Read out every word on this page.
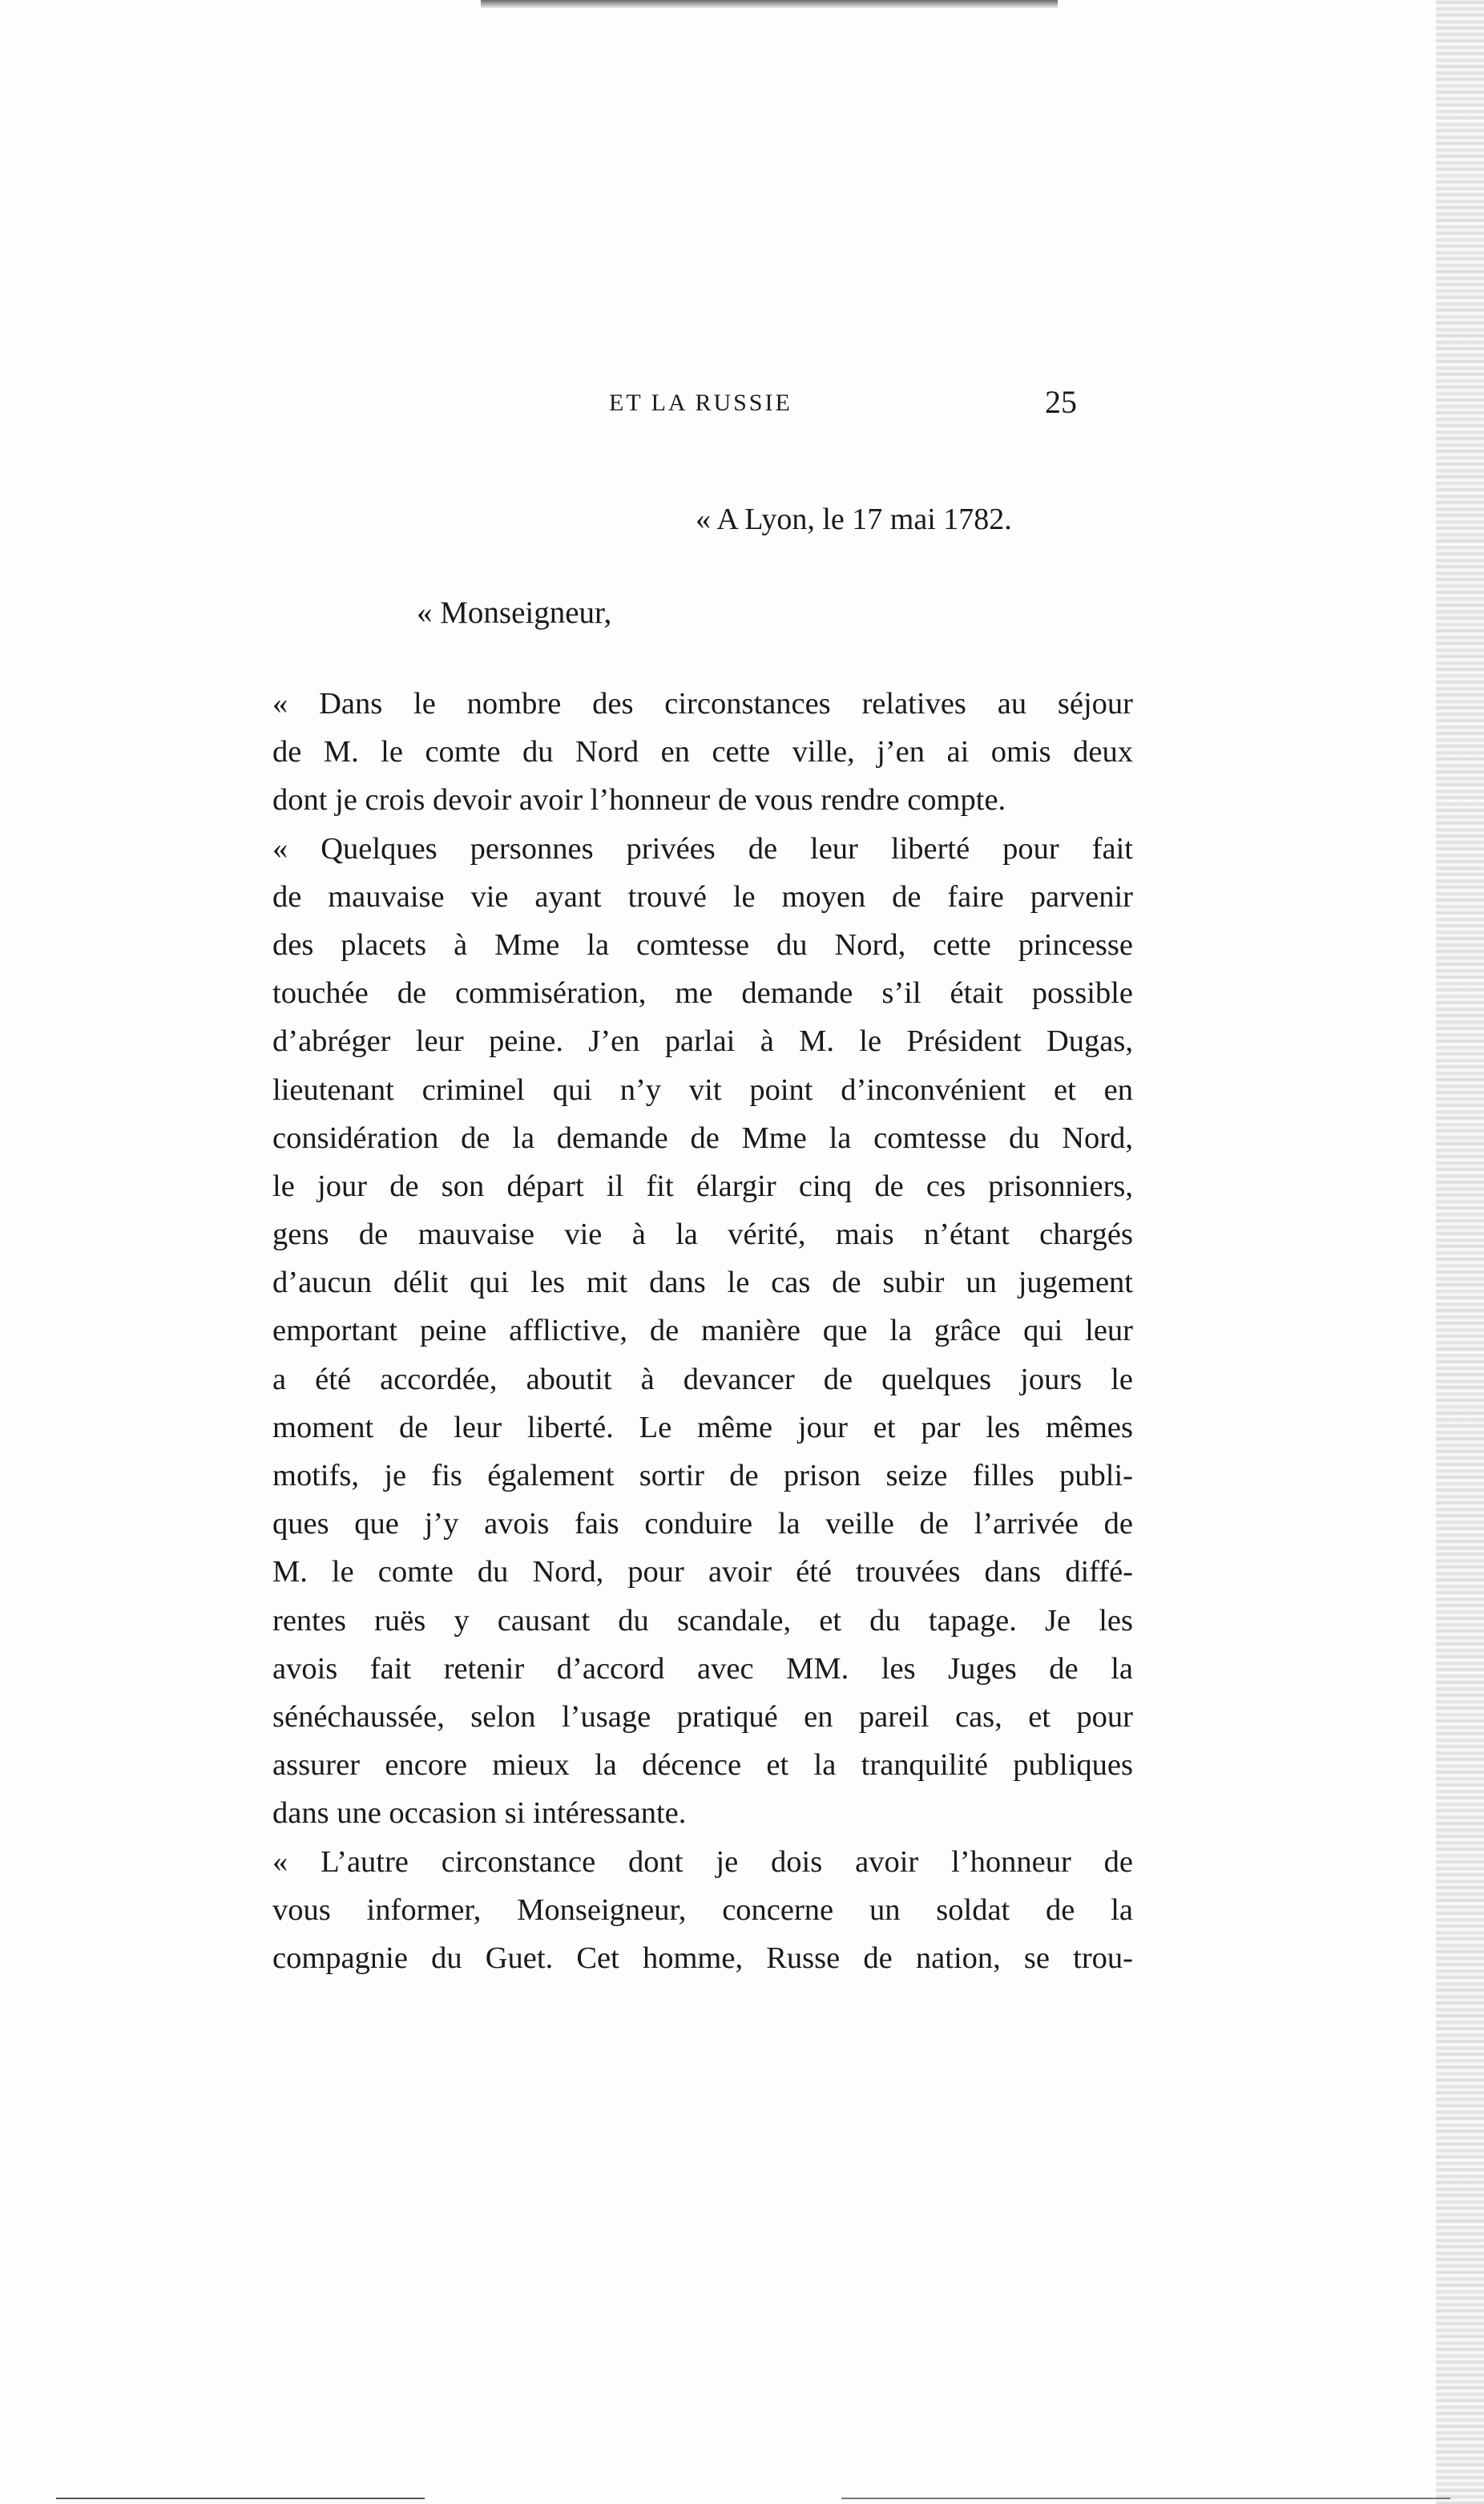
ET LA RUSSIE	25
« A Lyon, le 17 mai 1782.
« Monseigneur,
« Dans le nombre des circonstances relatives au séjour
de M. le comte du Nord en cette ville, j’en ai omis deux
dont je crois devoir avoir l’honneur de vous rendre compte.
« Quelques personnes privées de leur liberté pour fait
de mauvaise vie ayant trouvé le moyen de faire parvenir
des placets à Mme la comtesse du Nord, cette princesse
touchée de commisération, me demande s’il était possible
d’abréger leur peine. J’en parlai à M. le Président Dugas,
lieutenant criminel qui n’y vit point d’inconvénient et en
considération de la demande de Mme la comtesse du Nord,
le jour de son départ il fit élargir cinq de ces prisonniers,
gens de mauvaise vie à la vérité, mais n’étant chargés
d’aucun délit qui les mit dans le cas de subir un jugement
emportant peine afflictive, de manière que la grâce qui leur
a été accordée, aboutit à devancer de quelques jours le
moment de leur liberté. Le même jour et par les mêmes
motifs, je fis également sortir de prison seize filles publi-
ques que j’y avois fais conduire la veille de l’arrivée de
M. le comte du Nord, pour avoir été trouvées dans diffé-
rentes ruës y causant du scandale, et du tapage. Je les
avois fait retenir d’accord avec MM. les Juges de la
sénéchaussée, selon l’usage pratiqué en pareil cas, et pour
assurer encore mieux la décence et la tranquilité publiques
dans une occasion si intéressante.
« L’autre circonstance dont je dois avoir l’honneur de
vous informer, Monseigneur, concerne un soldat de la
compagnie du Guet. Cet homme, Russe de nation, se trou-
